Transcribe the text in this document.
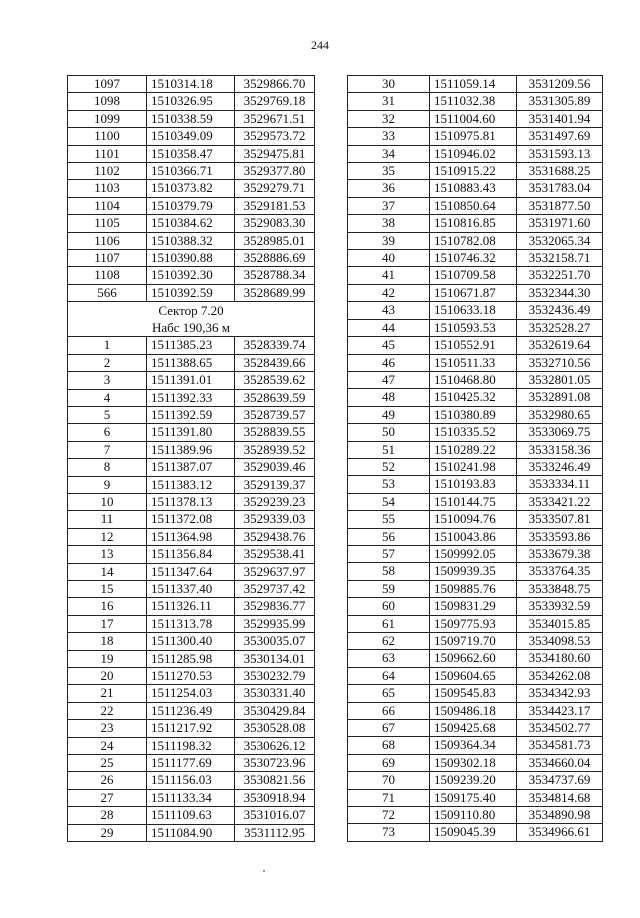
244
1097	1510314.18	3529866.70
1098	1510326.95	3529769.18
1099	1510338.59	3529671.51
1100	1510349.09	3529573.72
1101	1510358.47	3529475.81
1102	1510366.71	3529377.80
1103	1510373.82	3529279.71
1104	1510379.79	3529181.53
1105	1510384.62	3529083.30
1106	1510388.32	3528985.01
1107	1510390.88	3528886.69
1108	1510392.30	3528788.34
566	1510392.59	3528689.99

Сектор 7.20
Набс 190,36 м		

1	1511385.23	3528339.74
2	1511388.65	3528439.66
3	1511391.01	3528539.62
4	1511392.33	3528639.59
5	1511392.59	3528739.57
6	1511391.80	3528839.55
7	1511389.96	3528939.52
8	1511387.07	3529039.46
9	1511383.12	3529139.37
10	1511378.13	3529239.23
11	1511372.08	3529339.03
12	1511364.98	3529438.76
13	1511356.84	3529538.41
14	1511347.64	3529637.97
15	1511337.40	3529737.42
16	1511326.11	3529836.77
17	1511313.78	3529935.99
18	1511300.40	3530035.07
19	1511285.98	3530134.01
20	1511270.53	3530232.79
21	1511254.03	3530331.40
22	1511236.49	3530429.84
23	1511217.92	3530528.08
24	1511198.32	3530626.12
25	1511177.69	3530723.96
26	1511156.03	3530821.56
27	1511133.34	3530918.94
28	1511109.63	3531016.07
29	1511084.90	3531112.95
30	1511059.14	3531209.56
31	1511032.38	3531305.89
32	1511004.60	3531401.94
33	1510975.81	3531497.69
34	1510946.02	3531593.13
35	1510915.22	3531688.25
36	1510883.43	3531783.04
37	1510850.64	3531877.50
38	1510816.85	3531971.60
39	1510782.08	3532065.34
40	1510746.32	3532158.71
41	1510709.58	3532251.70
42	1510671.87	3532344.30
43	1510633.18	3532436.49
44	1510593.53	3532528.27
45	1510552.91	3532619.64
46	1510511.33	3532710.56
47	1510468.80	3532801.05
48	1510425.32	3532891.08
49	1510380.89	3532980.65
50	1510335.52	3533069.75
51	1510289.22	3533158.36
52	1510241.98	3533246.49
53	1510193.83	3533334.11
54	1510144.75	3533421.22
55	1510094.76	3533507.81
56	1510043.86	3533593.86
57	1509992.05	3533679.38
58	1509939.35	3533764.35
59	1509885.76	3533848.75
60	1509831.29	3533932.59
61	1509775.93	3534015.85
62	1509719.70	3534098.53
63	1509662.60	3534180.60
64	1509604.65	3534262.08
65	1509545.83	3534342.93
66	1509486.18	3534423.17
67	1509425.68	3534502.77
68	1509364.34	3534581.73
69	1509302.18	3534660.04
70	1509239.20	3534737.69
71	1509175.40	3534814.68
72	1509110.80	3534890.98
73	1509045.39	3534966.61
